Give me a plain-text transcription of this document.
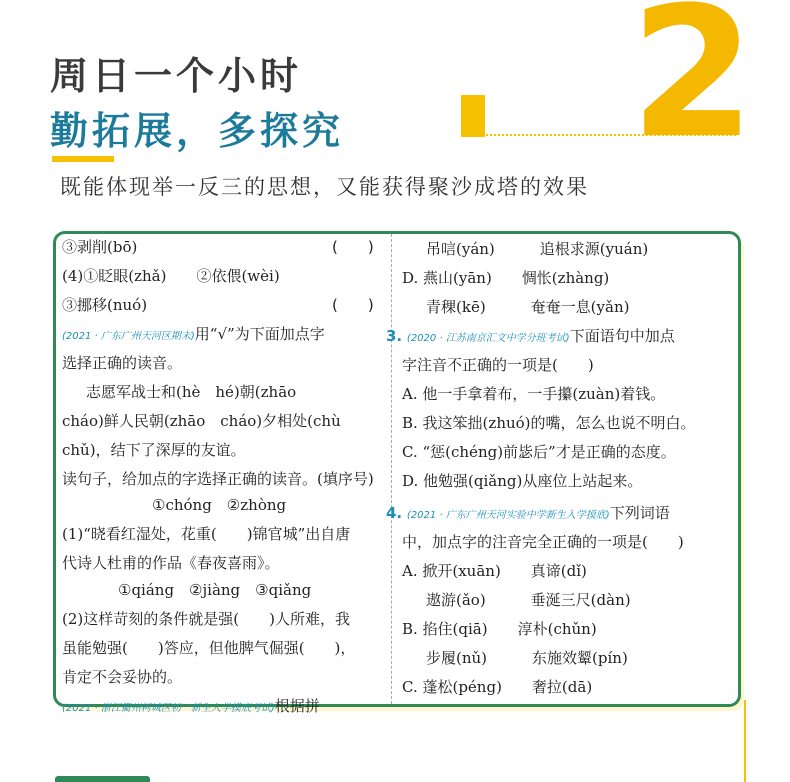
周日一个小时
勤拓展，多探究 2
既能体现举一反三的思想，又能获得聚沙成塔的效果
③剥削(bō)	(　　)
(4)①眨眼(zhǎ)　　②依偎(wèi)
③挪移(nuó)	(　　)
(2021 · 广东广州天河区期末)用“√”为下面加点字
选择正确的读音。
志愿军战士和(hè　hé)朝(zhāo
cháo)鲜人民朝(zhāo　cháo)夕相处(chù
chǔ)，结下了深厚的友谊。
读句子，给加点的字选择正确的读音。(填序号)
①chóng　②zhòng
(1)“晓看红湿处，花重(　　)锦官城”出自唐
代诗人杜甫的作品《春夜喜雨》。
①qiáng　②jiàng　③qiǎng
(2)这样苛刻的条件就是强(　　)人所难，我
虽能勉强(　　)答应，但他脾气倔强(　　)，
肯定不会妥协的。
(2021 · 浙江衢州柯城区初一新生入学摸底考试)根据拼
吊唁(yán)　　　追根求源(yuán)
D. 燕山(yān)　　惆怅(zhàng)
青稞(kē)　　　奄奄一息(yǎn)
3. (2020 · 江苏南京汇文中学分班考试)下面语句中加点
字注音不正确的一项是(　　)
A. 他一手拿着布，一手攥(zuàn)着钱。
B. 我这笨拙(zhuó)的嘴，怎么也说不明白。
C. “惩(chéng)前毖后”才是正确的态度。
D. 他勉强(qiǎng)从座位上站起来。
4. (2021 · 广东广州天河实验中学新生入学摸底)下列词语
中，加点字的注音完全正确的一项是(　　)
A. 掀开(xuān)　　真谛(dǐ)
遨游(ǎo)　　　垂涎三尺(dàn)
B. 掐住(qiā)　　淳朴(chǔn)
步履(nǔ)　　　东施效颦(pín)
C. 蓬松(péng)　　奢拉(dā)
